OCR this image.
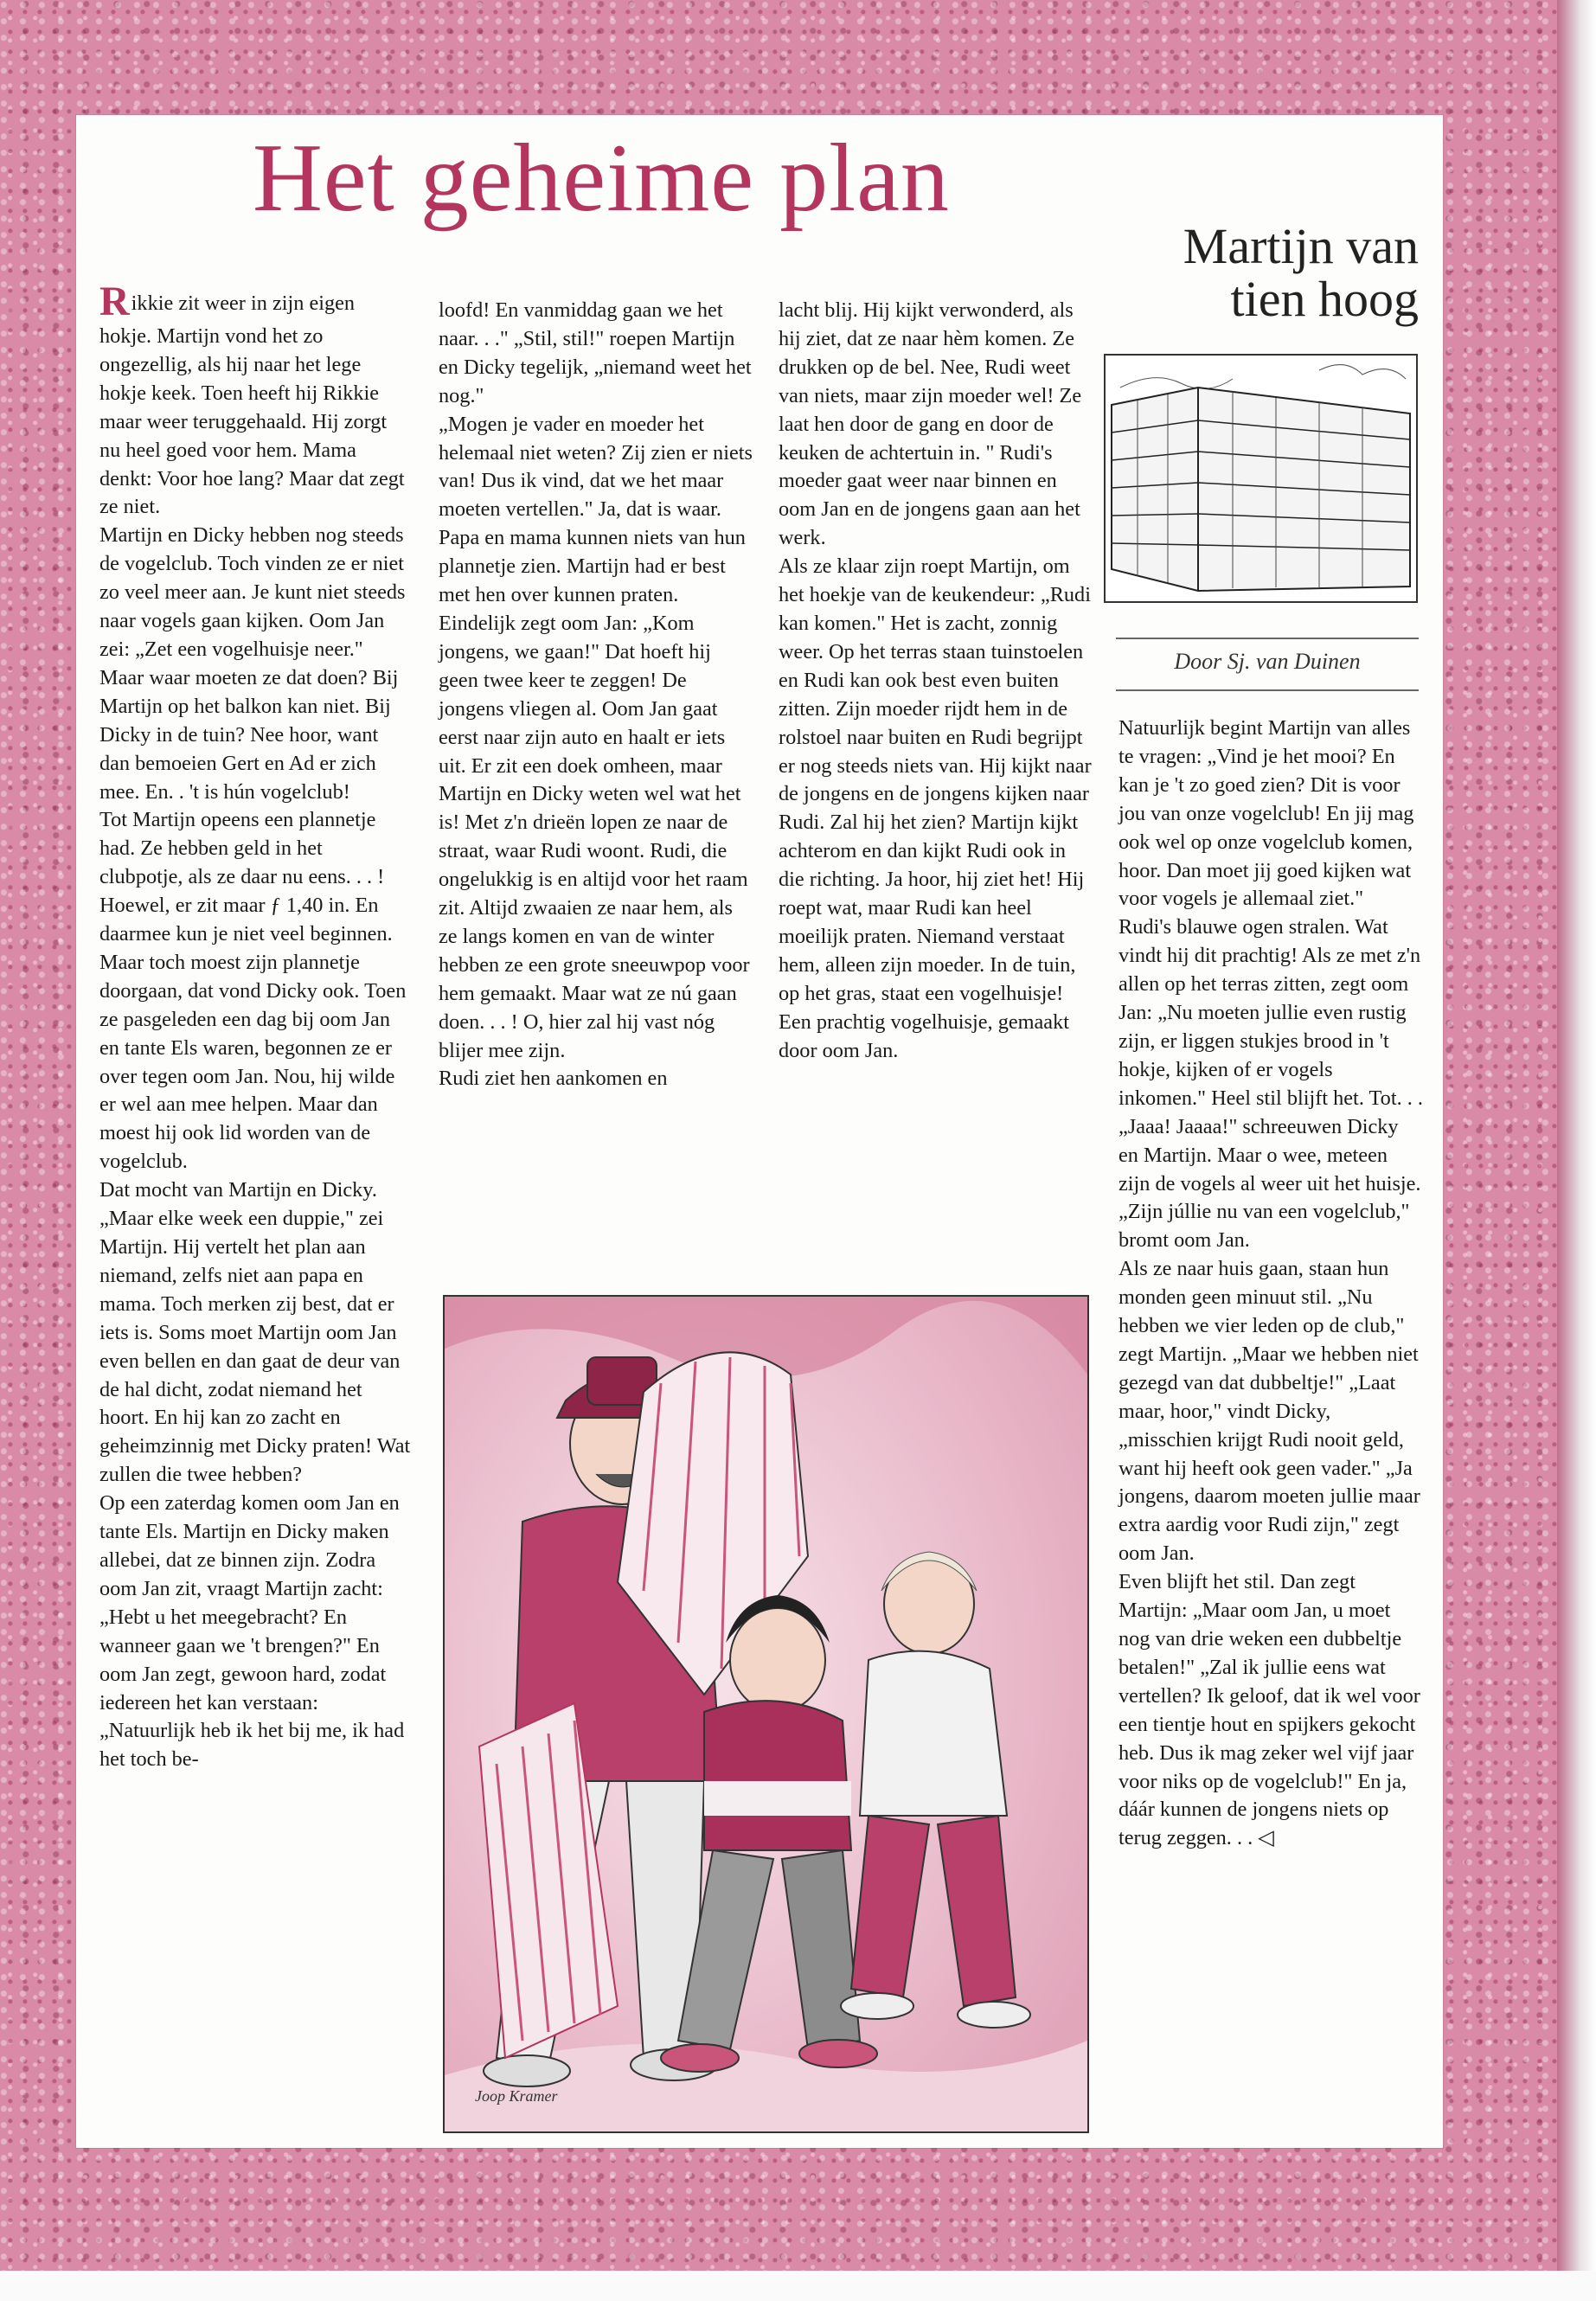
Het geheime plan
Martijn van
tien hoog
Door Sj. van Duinen

Rikkie zit weer in zijn eigen hokje. Martijn vond het zo ongezellig, als hij naar het lege hokje keek. Toen heeft hij Rikkie maar weer teruggehaald. Hij zorgt nu heel goed voor hem. Mama denkt: Voor hoe lang? Maar dat zegt ze niet.

Martijn en Dicky hebben nog steeds de vogelclub. Toch vinden ze er niet zo veel meer aan. Je kunt niet steeds naar vogels gaan kijken. Oom Jan zei: „Zet een vogelhuisje neer." Maar waar moeten ze dat doen? Bij Martijn op het balkon kan niet. Bij Dicky in de tuin? Nee hoor, want dan bemoeien Gert en Ad er zich mee. En. . 't is hún vogelclub!

Tot Martijn opeens een plannetje had. Ze hebben geld in het clubpotje, als ze daar nu eens. . . ! Hoewel, er zit maar ƒ 1,40 in. En daarmee kun je niet veel beginnen. Maar toch moest zijn plannetje doorgaan, dat vond Dicky ook. Toen ze pasgeleden een dag bij oom Jan en tante Els waren, begonnen ze er over tegen oom Jan. Nou, hij wilde er wel aan mee helpen. Maar dan moest hij ook lid worden van de vogelclub.

Dat mocht van Martijn en Dicky. „Maar elke week een duppie," zei Martijn. Hij vertelt het plan aan niemand, zelfs niet aan papa en mama. Toch merken zij best, dat er iets is. Soms moet Martijn oom Jan even bellen en dan gaat de deur van de hal dicht, zodat niemand het hoort. En hij kan zo zacht en geheimzinnig met Dicky praten! Wat zullen die twee hebben?

Op een zaterdag komen oom Jan en tante Els. Martijn en Dicky maken allebei, dat ze binnen zijn. Zodra oom Jan zit, vraagt Martijn zacht: „Hebt u het meegebracht? En wanneer gaan we 't brengen?" En oom Jan zegt, gewoon hard, zodat iedereen het kan verstaan: „Natuurlijk heb ik het bij me, ik had het toch be-

loofd! En vanmiddag gaan we het naar. . ." „Stil, stil!" roepen Martijn en Dicky tegelijk, „niemand weet het nog."

„Mogen je vader en moeder het helemaal niet weten? Zij zien er niets van! Dus ik vind, dat we het maar moeten vertellen." Ja, dat is waar. Papa en mama kunnen niets van hun plannetje zien. Martijn had er best met hen over kunnen praten. Eindelijk zegt oom Jan: „Kom jongens, we gaan!" Dat hoeft hij geen twee keer te zeggen! De jongens vliegen al. Oom Jan gaat eerst naar zijn auto en haalt er iets uit. Er zit een doek omheen, maar Martijn en Dicky weten wel wat het is! Met z'n drieën lopen ze naar de straat, waar Rudi woont. Rudi, die ongelukkig is en altijd voor het raam zit. Altijd zwaaien ze naar hem, als ze langs komen en van de winter hebben ze een grote sneeuwpop voor hem gemaakt. Maar wat ze nú gaan doen. . . ! O, hier zal hij vast nóg blijer mee zijn.

Rudi ziet hen aankomen en

lacht blij. Hij kijkt verwonderd, als hij ziet, dat ze naar hèm komen. Ze drukken op de bel. Nee, Rudi weet van niets, maar zijn moeder wel! Ze laat hen door de gang en door de keuken de achtertuin in. " Rudi's moeder gaat weer naar binnen en oom Jan en de jongens gaan aan het werk.

Als ze klaar zijn roept Martijn, om het hoekje van de keukendeur: „Rudi kan komen." Het is zacht, zonnig weer. Op het terras staan tuinstoelen en Rudi kan ook best even buiten zitten. Zijn moeder rijdt hem in de rolstoel naar buiten en Rudi begrijpt er nog steeds niets van. Hij kijkt naar de jongens en de jongens kijken naar Rudi. Zal hij het zien? Martijn kijkt achterom en dan kijkt Rudi ook in die richting. Ja hoor, hij ziet het! Hij roept wat, maar Rudi kan heel moeilijk praten. Niemand verstaat hem, alleen zijn moeder. In de tuin, op het gras, staat een vogelhuisje! Een prachtig vogelhuisje, gemaakt door oom Jan.

Natuurlijk begint Martijn van alles te vragen: „Vind je het mooi? En kan je 't zo goed zien? Dit is voor jou van onze vogelclub! En jij mag ook wel op onze vogelclub komen, hoor. Dan moet jij goed kijken wat voor vogels je allemaal ziet."

Rudi's blauwe ogen stralen. Wat vindt hij dit prachtig! Als ze met z'n allen op het terras zitten, zegt oom Jan: „Nu moeten jullie even rustig zijn, er liggen stukjes brood in 't hokje, kijken of er vogels inkomen." Heel stil blijft het. Tot. . . „Jaaa! Jaaaa!" schreeuwen Dicky en Martijn. Maar o wee, meteen zijn de vogels al weer uit het huisje. „Zijn júllie nu van een vogelclub," bromt oom Jan.

Als ze naar huis gaan, staan hun monden geen minuut stil. „Nu hebben we vier leden op de club," zegt Martijn. „Maar we hebben niet gezegd van dat dubbeltje!" „Laat maar, hoor," vindt Dicky, „misschien krijgt Rudi nooit geld, want hij heeft ook geen vader." „Ja jongens, daarom moeten jullie maar extra aardig voor Rudi zijn," zegt oom Jan.

Even blijft het stil. Dan zegt Martijn: „Maar oom Jan, u moet nog van drie weken een dubbeltje betalen!" „Zal ik jullie eens wat vertellen? Ik geloof, dat ik wel voor een tientje hout en spijkers gekocht heb. Dus ik mag zeker wel vijf jaar voor niks op de vogelclub!" En ja, dáár kunnen de jongens niets op terug zeggen. . . ◁

Joop Kramer
